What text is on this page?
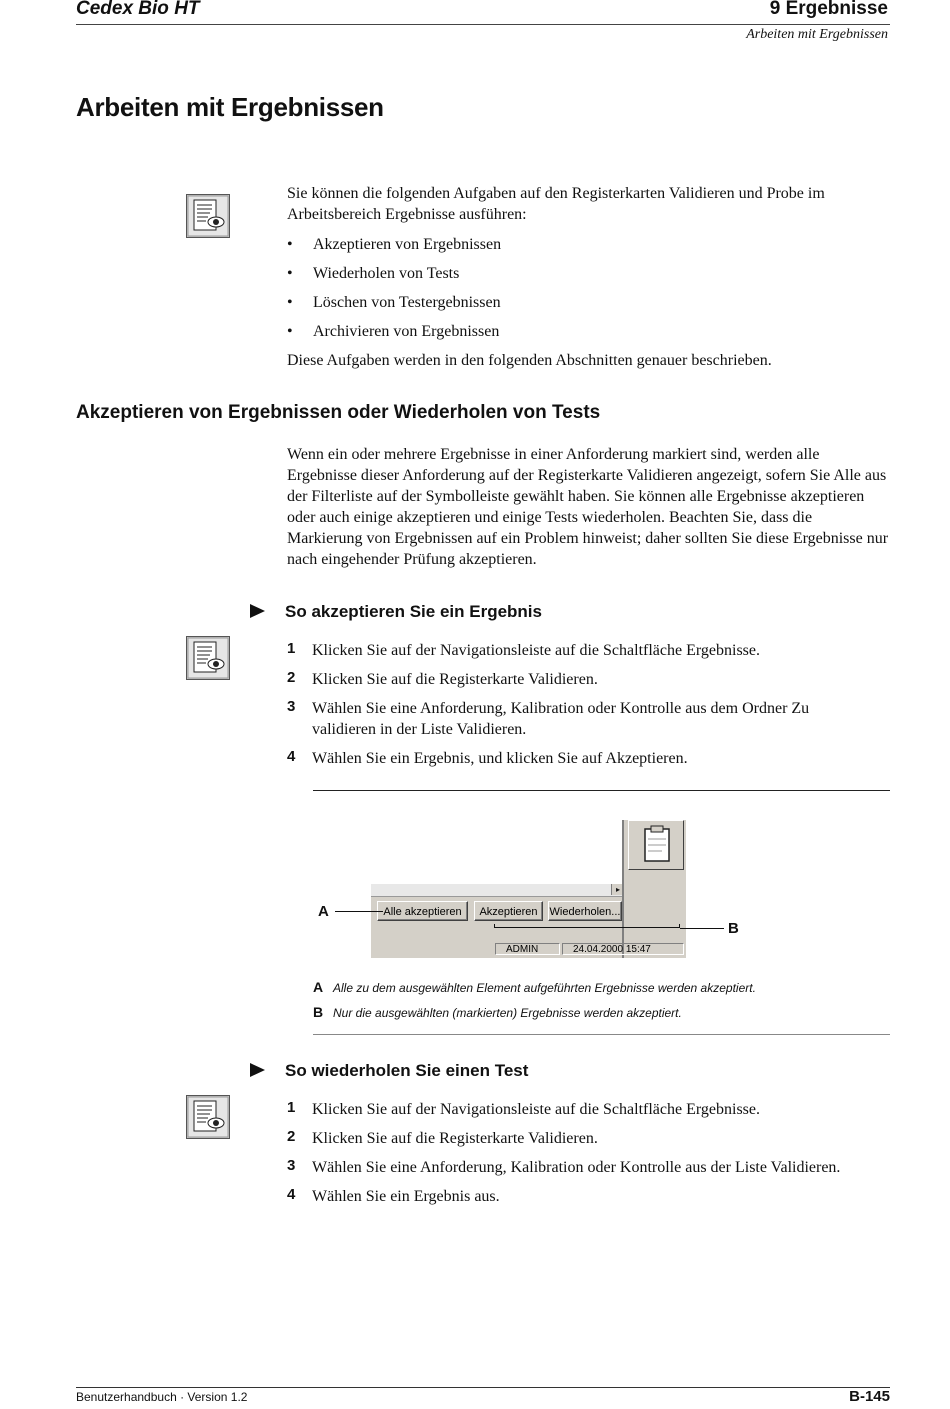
Cedex Bio HT	9 Ergebnisse
Arbeiten mit Ergebnissen
Arbeiten mit Ergebnissen
Sie können die folgenden Aufgaben auf den Registerkarten Validieren und Probe im Arbeitsbereich Ergebnisse ausführen:
• Akzeptieren von Ergebnissen
• Wiederholen von Tests
• Löschen von Testergebnissen
• Archivieren von Ergebnissen
Diese Aufgaben werden in den folgenden Abschnitten genauer beschrieben.
Akzeptieren von Ergebnissen oder Wiederholen von Tests
Wenn ein oder mehrere Ergebnisse in einer Anforderung markiert sind, werden alle Ergebnisse dieser Anforderung auf der Registerkarte Validieren angezeigt, sofern Sie Alle aus der Filterliste auf der Symbolleiste gewählt haben. Sie können alle Ergebnisse akzeptieren oder auch einige akzeptieren und einige Tests wiederholen. Beachten Sie, dass die Markierung von Ergebnissen auf ein Problem hinweist; daher sollten Sie diese Ergebnisse nur nach eingehender Prüfung akzeptieren.
So akzeptieren Sie ein Ergebnis
1 Klicken Sie auf der Navigationsleiste auf die Schaltfläche Ergebnisse.
2 Klicken Sie auf die Registerkarte Validieren.
3 Wählen Sie eine Anforderung, Kalibration oder Kontrolle aus dem Ordner Zu validieren in der Liste Validieren.
4 Wählen Sie ein Ergebnis, und klicken Sie auf Akzeptieren.
▸
Alle akzeptieren	Akzeptieren	Wiederholen...
ADMIN	24.04.2000 15:47
A
B
A Alle zu dem ausgewählten Element aufgeführten Ergebnisse werden akzeptiert.
B Nur die ausgewählten (markierten) Ergebnisse werden akzeptiert.
So wiederholen Sie einen Test
1 Klicken Sie auf der Navigationsleiste auf die Schaltfläche Ergebnisse.
2 Klicken Sie auf die Registerkarte Validieren.
3 Wählen Sie eine Anforderung, Kalibration oder Kontrolle aus der Liste Validieren.
4 Wählen Sie ein Ergebnis aus.
Benutzerhandbuch · Version 1.2	B-145
